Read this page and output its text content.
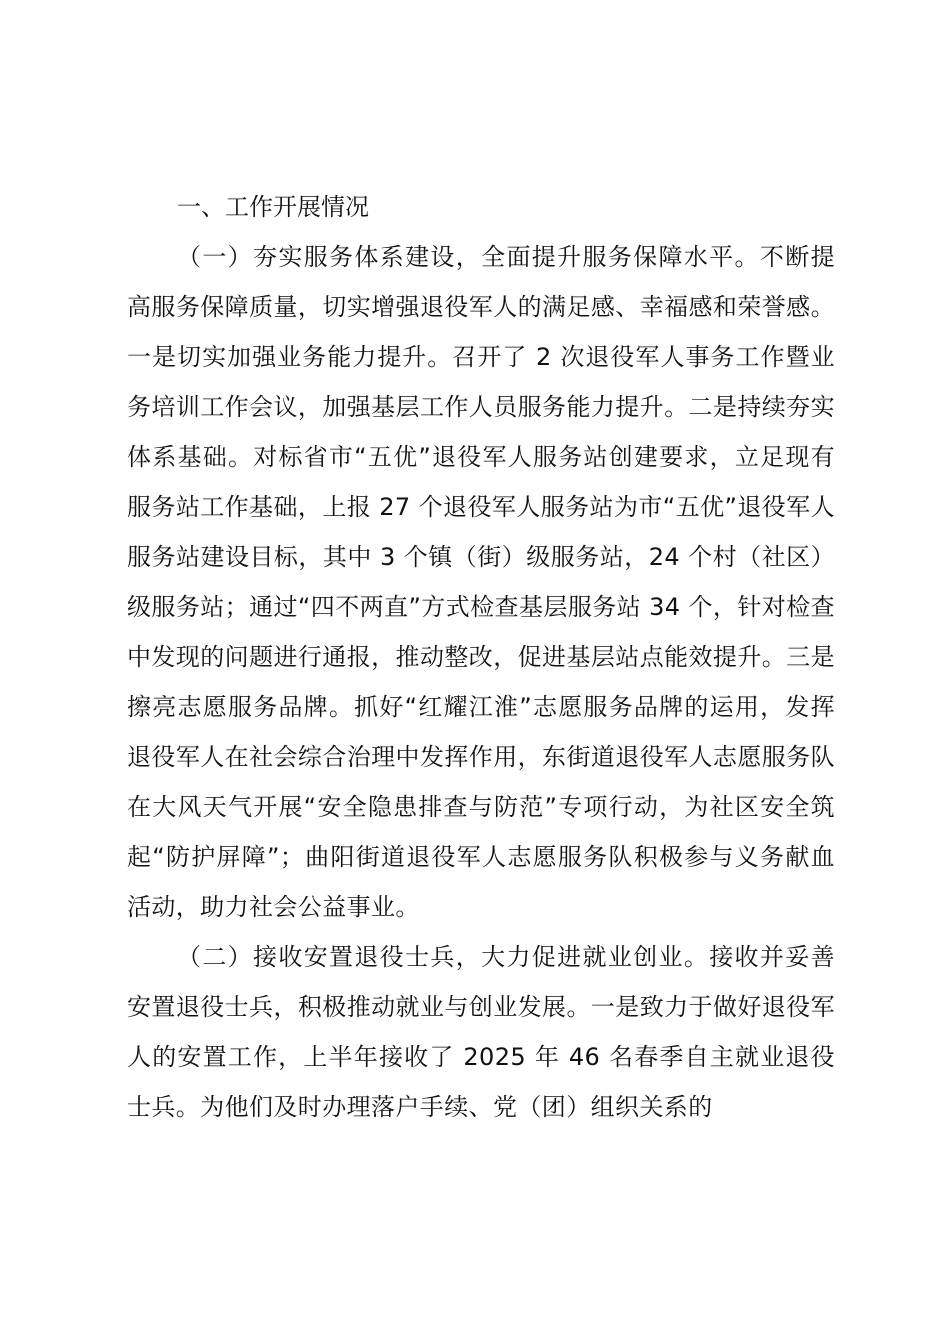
一、工作开展情况

（一）夯实服务体系建设，全面提升服务保障水平。不断提高服务保障质量，切实增强退役军人的满足感、幸福感和荣誉感。一是切实加强业务能力提升。召开了 2 次退役军人事务工作暨业务培训工作会议，加强基层工作人员服务能力提升。二是持续夯实体系基础。对标省市“五优”退役军人服务站创建要求，立足现有服务站工作基础，上报 27 个退役军人服务站为市“五优”退役军人服务站建设目标，其中 3 个镇（街）级服务站，24 个村（社区）级服务站；通过“四不两直”方式检查基层服务站 34 个，针对检查中发现的问题进行通报，推动整改，促进基层站点能效提升。三是擦亮志愿服务品牌。抓好“红耀江淮”志愿服务品牌的运用，发挥退役军人在社会综合治理中发挥作用，东街道退役军人志愿服务队在大风天气开展“安全隐患排查与防范”专项行动，为社区安全筑起“防护屏障”；曲阳街道退役军人志愿服务队积极参与义务献血活动，助力社会公益事业。

（二）接收安置退役士兵，大力促进就业创业。接收并妥善安置退役士兵，积极推动就业与创业发展。一是致力于做好退役军人的安置工作，上半年接收了 2025 年 46 名春季自主就业退役士兵。为他们及时办理落户手续、党（团）组织关系的
